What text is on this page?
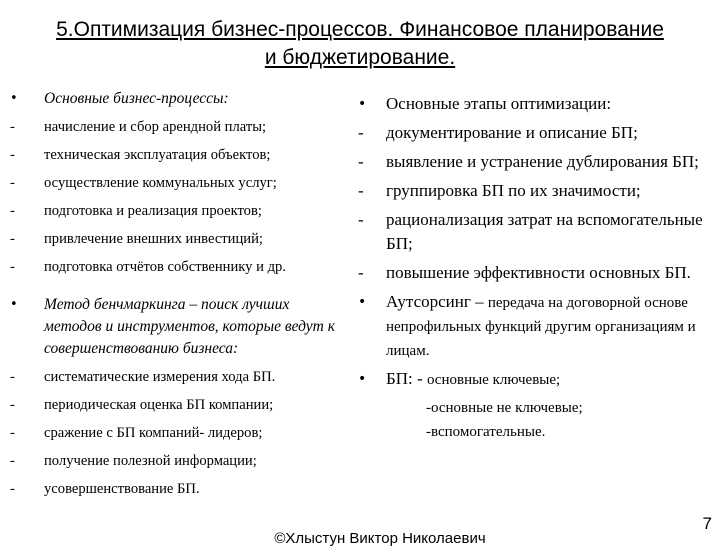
5.Оптимизация бизнес-процессов. Финансовое планирование
и бюджетирование.
•	Основные бизнес-процессы:
-	начисление и сбор арендной платы;
-	техническая эксплуатация объектов;
-	осуществление коммунальных услуг;
-	подготовка и реализация проектов;
-	привлечение внешних инвестиций;
-	подготовка отчётов собственнику и др.
•	Метод бенчмаркинга – поиск лучших методов и инструментов, которые ведут к совершенствованию бизнеса:
-	систематические измерения хода БП.
-	периодическая оценка БП компании;
-	сражение с БП компаний- лидеров;
-	получение полезной информации;
-	усовершенствование БП.
•	Основные этапы оптимизации:
-	документирование и описание БП;
-	выявление и устранение дублирования БП;
-	группировка БП по их значимости;
-	рационализация затрат на вспомогательные БП;
-	повышение эффективности основных БП.
•	Аутсорсинг – передача на договорной основе непрофильных функций другим организациям и лицам.
•	БП: - основные ключевые;
-основные не ключевые;
-вспомогательные.
7
©Хлыстун Виктор Николаевич
